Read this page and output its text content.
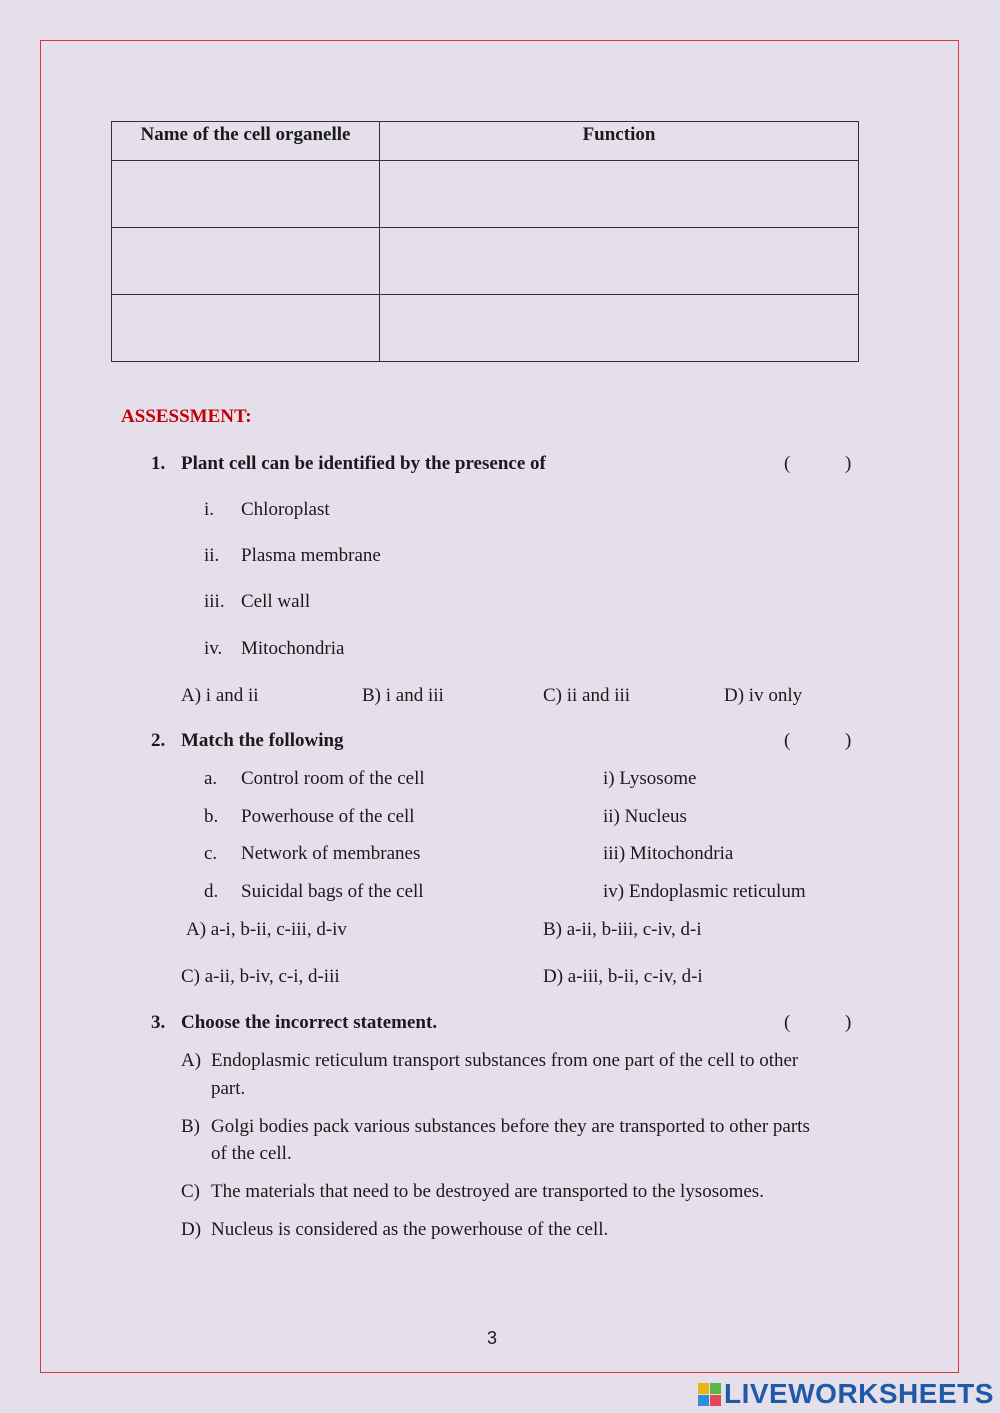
Name of the cell organelle	Function

ASSESSMENT:
1. Plant cell can be identified by the presence of	(	)
i. Chloroplast
ii. Plasma membrane
iii. Cell wall
iv. Mitochondria
A) i and ii	B) i and iii	C) ii and iii	D) iv only
2. Match the following	(	)
a. Control room of the cell	i) Lysosome
b. Powerhouse of the cell	ii) Nucleus
c. Network of membranes	iii) Mitochondria
d. Suicidal bags of the cell	iv) Endoplasmic reticulum
A) a-i, b-ii, c-iii, d-iv	B) a-ii, b-iii, c-iv, d-i
C) a-ii, b-iv, c-i, d-iii	D) a-iii, b-ii, c-iv, d-i
3. Choose the incorrect statement.	(	)
A) Endoplasmic reticulum transport substances from one part of the cell to other
part.
B) Golgi bodies pack various substances before they are transported to other parts
of the cell.
C) The materials that need to be destroyed are transported to the lysosomes.
D) Nucleus is considered as the powerhouse of the cell.
3
LIVEWORKSHEETS
